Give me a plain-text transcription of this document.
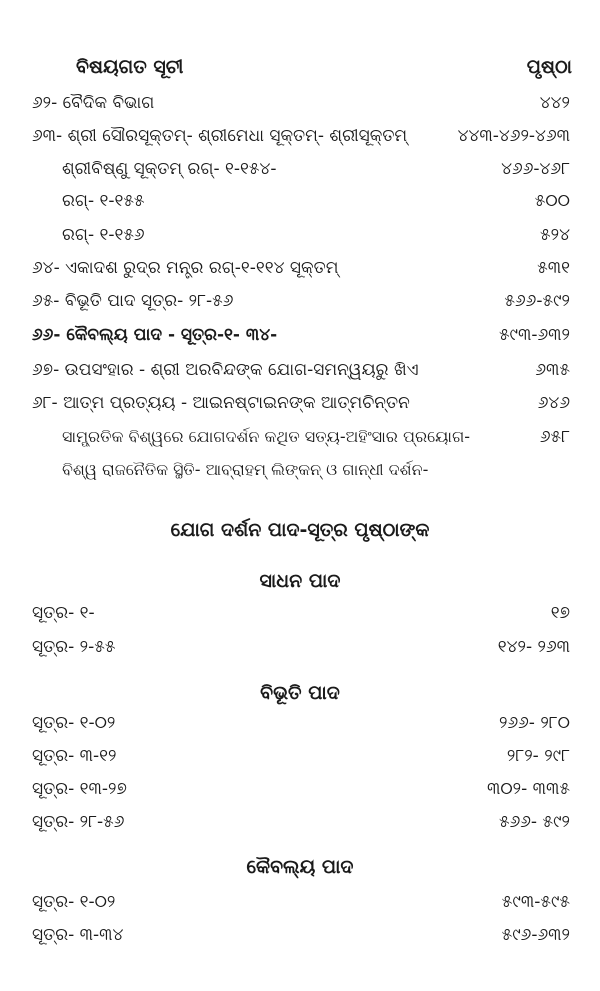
ବିଷୟଗତ ସୂଚୀ	ପୃଷ୍ଠା
୬୨- ବୈଦିକ ବିଭାଗ	୪୪୨
୬୩- ଶ୍ରୀ ସୌରସୂକ୍ତମ୍- ଶ୍ରୀମେଧା ସୂକ୍ତମ୍- ଶ୍ରୀସୂକ୍ତମ୍	୪୪୩-୪୬୨-୪୬୩
ଶ୍ରୀବିଷ୍ଣୁ ସୂକ୍ତମ୍ ରଗ୍- ୧-୧୫୪-	୪୬୬-୪୬୮
ରଗ୍- ୧-୧୫୫	୫୦୦
ରଗ୍- ୧-୧୫୬	୫୨୪
୬୪- ଏକାଦଶ ରୁଦ୍ର ମନ୍ତ୍ର ରଗ୍-୧-୧୧୪ ସୂକ୍ତମ୍	୫୩୧
୬୫- ବିଭୂତି ପାଦ ସୂତ୍ର- ୨୮-୫୬	୫୬୬-୫୯୨
୬୬- କୈବଲ୍ୟ ପାଦ - ସୂତ୍ର-୧- ୩୪-	୫୯୩-୬୩୨
୬୭- ଉପସଂହାର - ଶ୍ରୀ ଅରବିନ୍ଦଙ୍କ ଯୋଗ-ସମନ୍ୱୟରୁ ଖିଏ	୬୩୫
୬୮- ଆତ୍ମ ପ୍ରତ୍ୟୟ - ଆଇନଷ୍ଟାଇନଙ୍କ ଆତ୍ମଚିନ୍ତନ	୬୪୬
ସାମ୍ପ୍ରତିକ ବିଶ୍ୱରେ ଯୋଗଦର୍ଶନ କଥିତ ସତ୍ୟ-ଅହିଂସାର ପ୍ରୟୋଗ-	୬୫୮
ବିଶ୍ୱ ରାଜନୈତିକ ସ୍ଥିତି- ଆବ୍ରାହମ୍ ଲିଙ୍କନ୍ ଓ ଗାନ୍ଧୀ ଦର୍ଶନ-
ଯୋଗ ଦର୍ଶନ ପାଦ-ସୂତ୍ର ପୃଷ୍ଠାଙ୍କ
ସାଧନ ପାଦ
ସୂତ୍ର- ୧-	୧୭
ସୂତ୍ର- ୨-୫୫	୧୪୨- ୨୬୩
ବିଭୂତି ପାଦ
ସୂତ୍ର- ୧-୦୨	୨୬୬- ୨୮୦
ସୂତ୍ର- ୩-୧୨	୨୮୨- ୨୯୮
ସୂତ୍ର- ୧୩-୨୭	୩୦୨- ୩୩୫
ସୂତ୍ର- ୨୮-୫୬	୫୬୬- ୫୯୨
କୈବଲ୍ୟ ପାଦ
ସୂତ୍ର- ୧-୦୨	୫୯୩-୫୯୫
ସୂତ୍ର- ୩-୩୪	୫୯୬-୬୩୨
